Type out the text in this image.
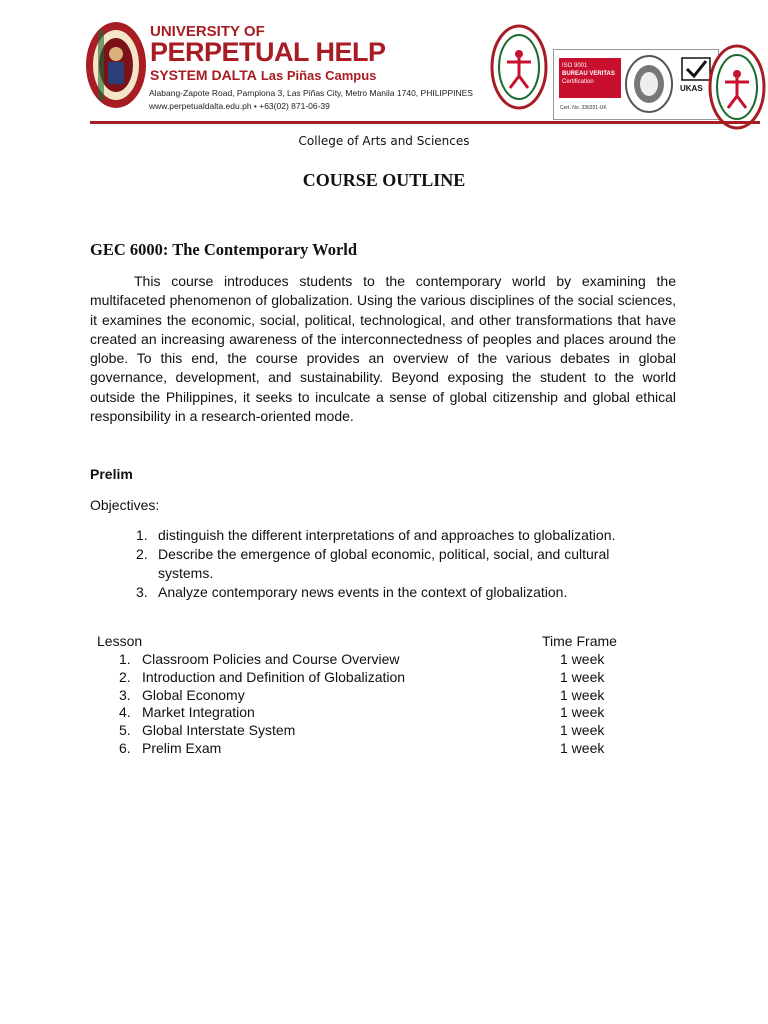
UNIVERSITY OF
PERPETUAL HELP
SYSTEM DALTA Las Piñas Campus
Alabang-Zapote Road, Pamplona 3, Las Piñas City, Metro Manila 1740, PHILIPPINES
www.perpetualdalta.edu.ph • +63(02) 871-06-39
ISO 9001
BUREAU VERITAS
Certification
Cert. No. 336331-UK
UKAS
College of Arts and Sciences
COURSE OUTLINE
GEC 6000: The Contemporary World

This course introduces students to the contemporary world by examining the multifaceted phenomenon of globalization. Using the various disciplines of the social sciences, it examines the economic, social, political, technological, and other transformations that have created an increasing awareness of the interconnectedness of peoples and places around the globe. To this end, the course provides an overview of the various debates in global governance, development, and sustainability. Beyond exposing the student to the world outside the Philippines, it seeks to inculcate a sense of global citizenship and global ethical responsibility in a research-oriented mode.

Prelim
Objectives:
1. distinguish the different interpretations of and approaches to globalization.
2. Describe the emergence of global economic, political, social, and cultural systems.
3. Analyze contemporary news events in the context of globalization.
Lesson	Time Frame
1. Classroom Policies and Course Overview	1 week
2. Introduction and Definition of Globalization	1 week
3. Global Economy	1 week
4. Market Integration	1 week
5. Global Interstate System	1 week
6. Prelim Exam	1 week
